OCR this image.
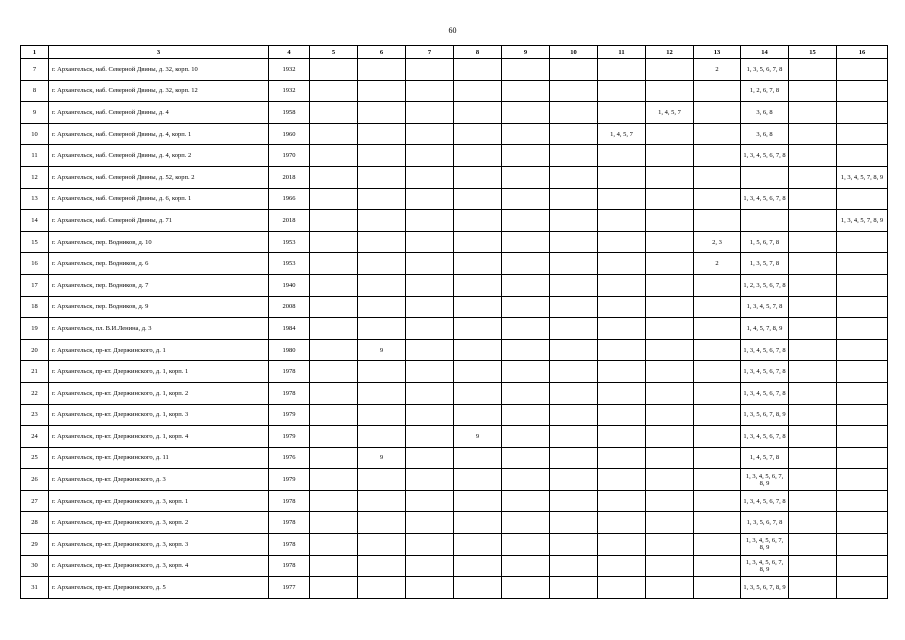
60
1	3	4	5	6	7	8	9	10	11	12	13	14	15	16
7	г. Архангельск, наб. Северной Двины, д. 32, корп. 10	1932									2	1, 3, 5, 6, 7, 8		
8	г. Архангельск, наб. Северной Двины, д. 32, корп. 12	1932										1, 2, 6, 7, 8		
9	г. Архангельск, наб. Северной Двины, д. 4	1958								1, 4, 5, 7		3, 6, 8		
10	г. Архангельск, наб. Северной Двины, д. 4, корп. 1	1960							1, 4, 5, 7			3, 6, 8		
11	г. Архангельск, наб. Северной Двины, д. 4, корп. 2	1970										1, 3, 4, 5, 6, 7, 8		
12	г. Архангельск, наб. Северной Двины, д. 52, корп. 2	2018												1, 3, 4, 5, 7, 8, 9
13	г. Архангельск, наб. Северной Двины, д. 6, корп. 1	1966										1, 3, 4, 5, 6, 7, 8		
14	г. Архангельск, наб. Северной Двины, д. 71	2018												1, 3, 4, 5, 7, 8, 9
15	г. Архангельск, пер. Водников, д. 10	1953									2, 3	1, 5, 6, 7, 8		
16	г. Архангельск, пер. Водников, д. 6	1953									2	1, 3, 5, 7, 8		
17	г. Архангельск, пер. Водников, д. 7	1940										1, 2, 3, 5, 6, 7, 8		
18	г. Архангельск, пер. Водников, д. 9	2008										1, 3, 4, 5, 7, 8		
19	г. Архангельск, пл. В.И.Ленина, д. 3	1984										1, 4, 5, 7, 8, 9		
20	г. Архангельск, пр-кт. Дзержинского, д. 1	1980		9								1, 3, 4, 5, 6, 7, 8		
21	г. Архангельск, пр-кт. Дзержинского, д. 1, корп. 1	1978										1, 3, 4, 5, 6, 7, 8		
22	г. Архангельск, пр-кт. Дзержинского, д. 1, корп. 2	1978										1, 3, 4, 5, 6, 7, 8		
23	г. Архангельск, пр-кт. Дзержинского, д. 1, корп. 3	1979										1, 3, 5, 6, 7, 8, 9		
24	г. Архангельск, пр-кт. Дзержинского, д. 1, корп. 4	1979				9						1, 3, 4, 5, 6, 7, 8		
25	г. Архангельск, пр-кт. Дзержинского, д. 11	1976		9								1, 4, 5, 7, 8		
26	г. Архангельск, пр-кт. Дзержинского, д. 3	1979										1, 3, 4, 5, 6, 7, 8, 9		
27	г. Архангельск, пр-кт. Дзержинского, д. 3, корп. 1	1978										1, 3, 4, 5, 6, 7, 8		
28	г. Архангельск, пр-кт. Дзержинского, д. 3, корп. 2	1978										1, 3, 5, 6, 7, 8		
29	г. Архангельск, пр-кт. Дзержинского, д. 3, корп. 3	1978										1, 3, 4, 5, 6, 7, 8, 9		
30	г. Архангельск, пр-кт. Дзержинского, д. 3, корп. 4	1978										1, 3, 4, 5, 6, 7, 8, 9		
31	г. Архангельск, пр-кт. Дзержинского, д. 5	1977										1, 3, 5, 6, 7, 8, 9		
